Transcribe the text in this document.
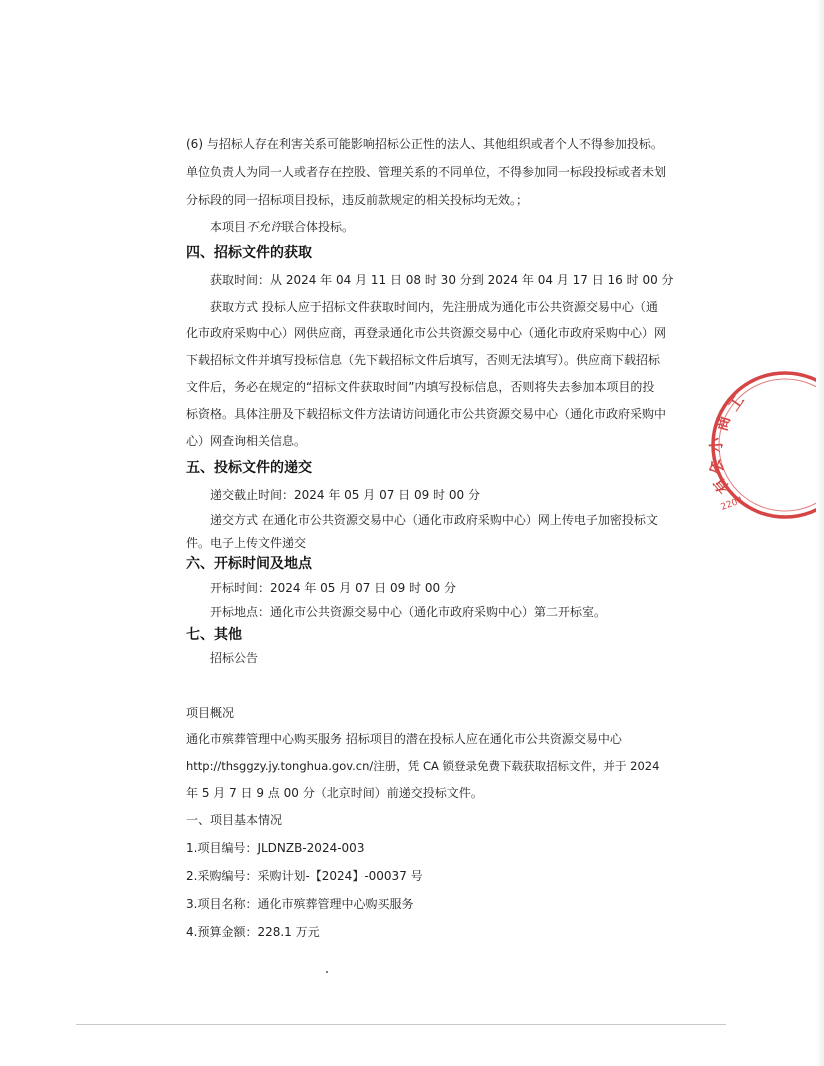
(6) 与招标人存在利害关系可能影响招标公正性的法人、其他组织或者个人不得参加投标。
单位负责人为同一人或者存在控股、管理关系的不同单位，不得参加同一标段投标或者未划
分标段的同一招标项目投标，违反前款规定的相关投标均无效。；
本项目不允许联合体投标。
四、招标文件的获取
获取时间：从 2024 年 04 月 11 日 08 时 30 分到 2024 年 04 月 17 日 16 时 00 分
获取方式 投标人应于招标文件获取时间内，先注册成为通化市公共资源交易中心（通
化市政府采购中心）网供应商，再登录通化市公共资源交易中心（通化市政府采购中心）网
下载招标文件并填写投标信息（先下载招标文件后填写，否则无法填写）。供应商下载招标
文件后，务必在规定的“招标文件获取时间”内填写投标信息，否则将失去参加本项目的投
标资格。具体注册及下载招标文件方法请访问通化市公共资源交易中心（通化市政府采购中
心）网查询相关信息。
五、投标文件的递交
递交截止时间：2024 年 05 月 07 日 09 时 00 分
递交方式 在通化市公共资源交易中心（通化市政府采购中心）网上传电子加密投标文
件。电子上传文件递交
六、开标时间及地点
开标时间：2024 年 05 月 07 日 09 时 00 分
开标地点：通化市公共资源交易中心（通化市政府采购中心）第二开标室。
七、其他
招标公告
项目概况
通化市殡葬管理中心购买服务 招标项目的潜在投标人应在通化市公共资源交易中心
http://thsggzy.jy.tonghua.gov.cn/注册，凭 CA 锁登录免费下载获取招标文件，并于 2024
年 5 月 7 日 9 点 00 分（北京时间）前递交投标文件。
一、项目基本情况
1.项目编号：JLDNZB-2024-003
2.采购编号：采购计划-【2024】-00037 号
3.项目名称：通化市殡葬管理中心购买服务
4.预算金额：228.1 万元
工
商
小
会
有
2204
